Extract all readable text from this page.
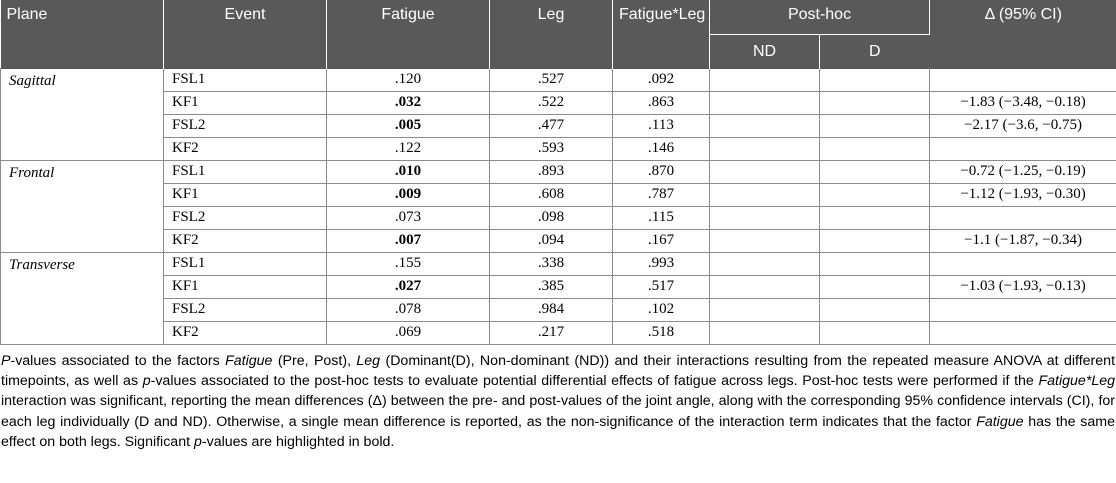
Plane	Event	Fatigue	Leg	Fatigue*Leg	Post-hoc		Δ (95% CI)
					ND	D	
Sagittal	FSL1	.120	.527	.092			
	KF1	.032	.522	.863			−1.83 (−3.48, −0.18)
	FSL2	.005	.477	.113			−2.17 (−3.6, −0.75)
	KF2	.122	.593	.146			
Frontal	FSL1	.010	.893	.870			−0.72 (−1.25, −0.19)
	KF1	.009	.608	.787			−1.12 (−1.93, −0.30)
	FSL2	.073	.098	.115			
	KF2	.007	.094	.167			−1.1 (−1.87, −0.34)
Transverse	FSL1	.155	.338	.993			
	KF1	.027	.385	.517			−1.03 (−1.93, −0.13)
	FSL2	.078	.984	.102			
	KF2	.069	.217	.518			

P-values associated to the factors Fatigue (Pre, Post), Leg (Dominant(D), Non-dominant (ND)) and their interactions resulting from the repeated measure ANOVA at different timepoints, as well as p-values associated to the post-hoc tests to evaluate potential differential effects of fatigue across legs. Post-hoc tests were performed if the Fatigue*Leg interaction was significant, reporting the mean differences (Δ) between the pre- and post-values of the joint angle, along with the corresponding 95% confidence intervals (CI), for each leg individually (D and ND). Otherwise, a single mean difference is reported, as the non-significance of the interaction term indicates that the factor Fatigue has the same effect on both legs. Significant p-values are highlighted in bold.
